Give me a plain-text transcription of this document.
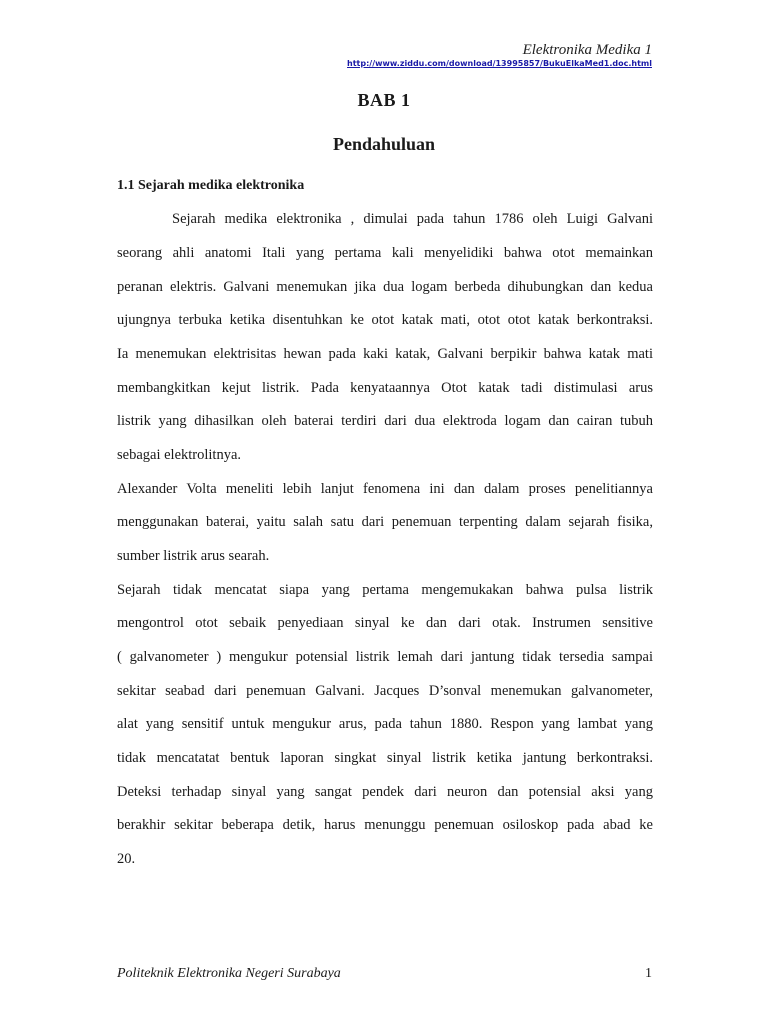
Elektronika Medika 1
http://www.ziddu.com/download/13995857/BukuElkaMed1.doc.html
BAB 1
Pendahuluan
1.1 Sejarah medika elektronika
Sejarah medika elektronika , dimulai pada tahun 1786 oleh Luigi Galvani
seorang ahli anatomi Itali yang pertama kali menyelidiki bahwa otot memainkan
peranan elektris. Galvani menemukan jika dua logam berbeda dihubungkan dan kedua
ujungnya terbuka ketika disentuhkan ke otot katak mati, otot otot katak berkontraksi.
Ia menemukan elektrisitas hewan pada kaki katak, Galvani berpikir bahwa katak mati
membangkitkan kejut listrik. Pada kenyataannya Otot katak tadi distimulasi arus
listrik yang dihasilkan oleh baterai terdiri dari dua elektroda logam dan cairan tubuh
sebagai elektrolitnya.
Alexander Volta meneliti lebih lanjut fenomena ini dan dalam proses penelitiannya
menggunakan baterai, yaitu salah satu dari penemuan terpenting dalam sejarah fisika,
sumber listrik arus searah.
Sejarah tidak mencatat siapa yang pertama mengemukakan bahwa pulsa listrik
mengontrol otot sebaik penyediaan sinyal ke dan dari otak. Instrumen sensitive
( galvanometer ) mengukur potensial listrik lemah dari jantung tidak tersedia sampai
sekitar seabad dari penemuan Galvani. Jacques D’sonval menemukan galvanometer,
alat yang sensitif untuk mengukur arus, pada tahun 1880. Respon yang lambat yang
tidak mencatatat bentuk laporan singkat sinyal listrik ketika jantung berkontraksi.
Deteksi terhadap sinyal yang sangat pendek dari neuron dan potensial aksi yang
berakhir sekitar beberapa detik, harus menunggu penemuan osiloskop pada abad ke
20.
Politeknik Elektronika Negeri Surabaya	1
